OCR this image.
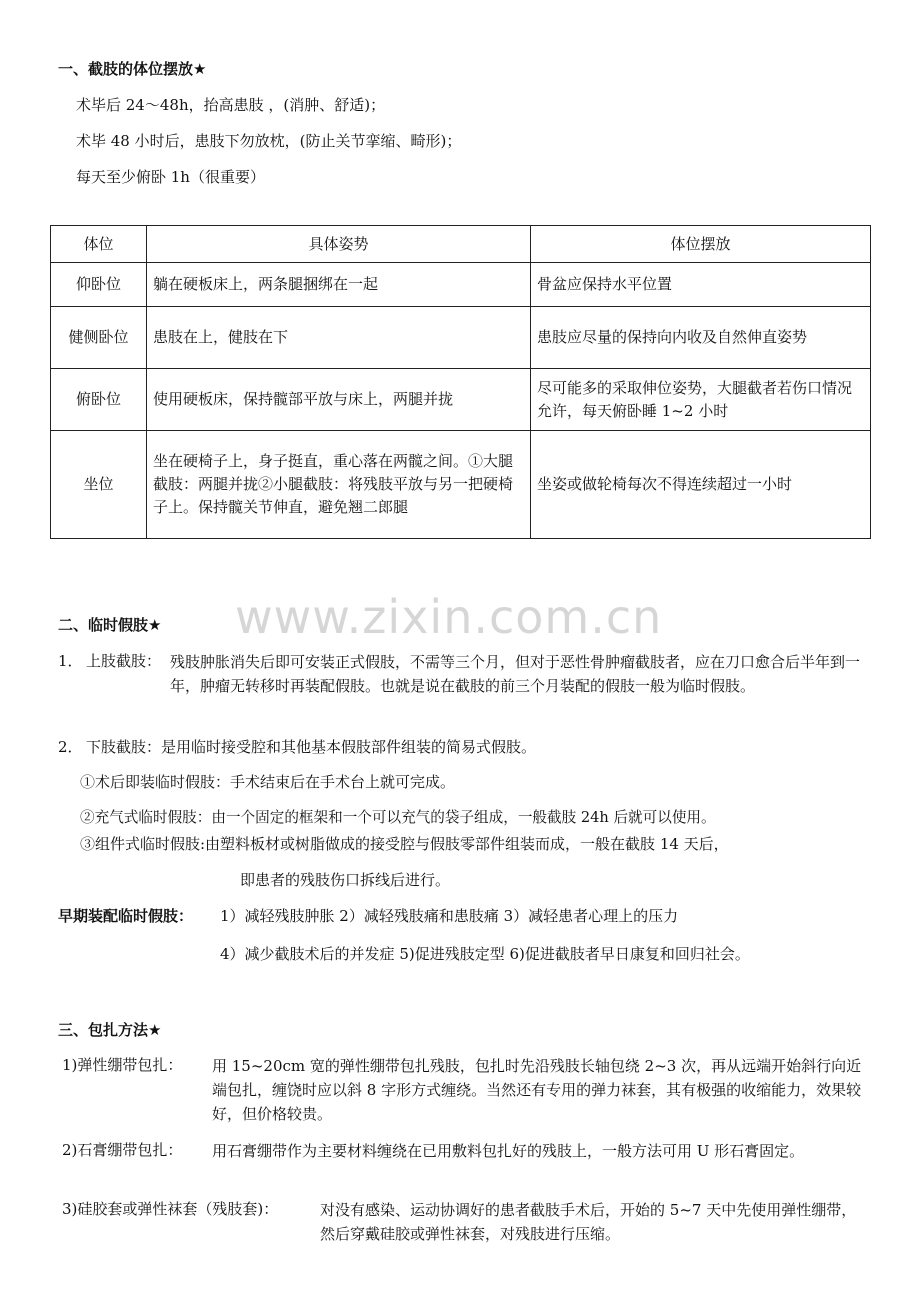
一、截肢的体位摆放★
术毕后 24～48h，抬高患肢 ，(消肿、舒适)；
术毕 48 小时后，患肢下勿放枕，(防止关节挛缩、畸形)；
每天至少俯卧 1h（很重要）
体位	具体姿势	体位摆放
仰卧位	躺在硬板床上，两条腿捆绑在一起	骨盆应保持水平位置
健侧卧位	患肢在上，健肢在下	患肢应尽量的保持向内收及自然伸直姿势
俯卧位	使用硬板床，保持髋部平放与床上，两腿并拢	尽可能多的采取伸位姿势，大腿截者若伤口情况允许，每天俯卧睡 1~2 小时
坐位	坐在硬椅子上，身子挺直，重心落在两髋之间。①大腿截肢：两腿并拢②小腿截肢：将残肢平放与另一把硬椅子上。保持髋关节伸直，避免翘二郎腿	坐姿或做轮椅每次不得连续超过一小时
www.zixin.com.cn
二、临时假肢★
1． 上肢截肢： 残肢肿胀消失后即可安装正式假肢，不需等三个月，但对于恶性骨肿瘤截肢者，应在刀口愈合后半年到一年，肿瘤无转移时再装配假肢。也就是说在截肢的前三个月装配的假肢一般为临时假肢。
2． 下肢截肢：是用临时接受腔和其他基本假肢部件组装的简易式假肢。
①术后即装临时假肢：手术结束后在手术台上就可完成。
②充气式临时假肢：由一个固定的框架和一个可以充气的袋子组成，一般截肢 24h 后就可以使用。
③组件式临时假肢:由塑料板材或树脂做成的接受腔与假肢零部件组装而成，一般在截肢 14 天后，
即患者的残肢伤口拆线后进行。
早期装配临时假肢： 1）减轻残肢肿胀 2）减轻残肢痛和患肢痛 3）减轻患者心理上的压力
4）减少截肢术后的并发症 5)促进残肢定型 6)促进截肢者早日康复和回归社会。
三、包扎方法★
1)弹性绷带包扎： 用 15~20cm 宽的弹性绷带包扎残肢，包扎时先沿残肢长轴包绕 2~3 次，再从远端开始斜行向近端包扎，缠饶时应以斜 8 字形方式缠绕。当然还有专用的弹力袜套，其有极强的收缩能力，效果较好，但价格较贵。
2)石膏绷带包扎： 用石膏绷带作为主要材料缠绕在已用敷料包扎好的残肢上，一般方法可用 U 形石膏固定。
3)硅胶套或弹性袜套（残肢套)：	对没有感染、运动协调好的患者截肢手术后，开始的 5~7 天中先使用弹性绷带，然后穿戴硅胶或弹性袜套，对残肢进行压缩。
